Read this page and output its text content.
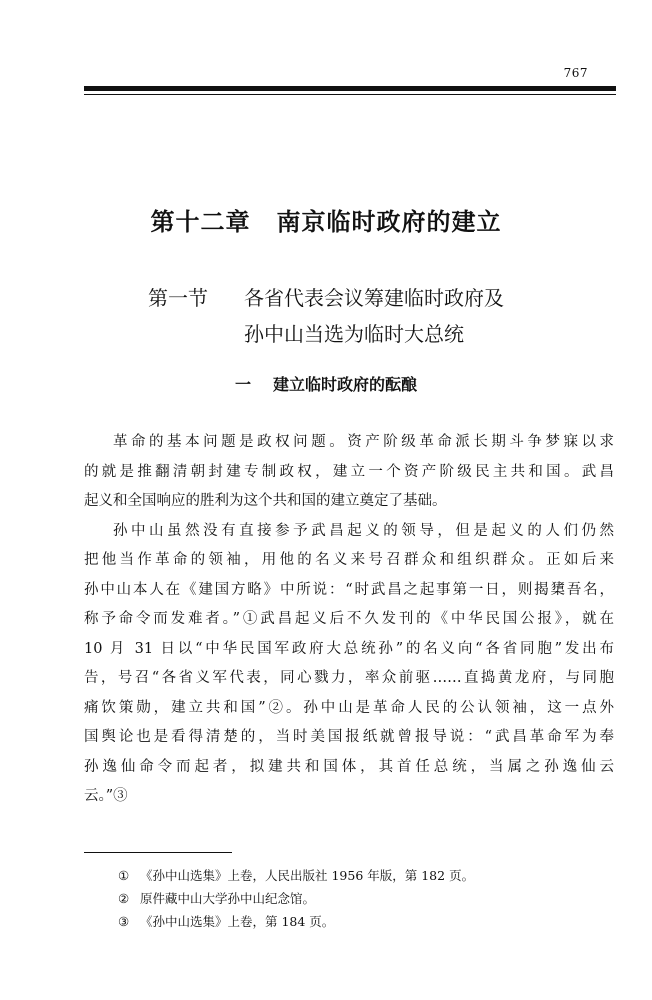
767
第十二章 南京临时政府的建立
第一节 各省代表会议筹建临时政府及
孙中山当选为临时大总统
一 建立临时政府的酝酿
革命的基本问题是政权问题。资产阶级革命派长期斗争梦寐以求
的就是推翻清朝封建专制政权，建立一个资产阶级民主共和国。武昌
起义和全国响应的胜利为这个共和国的建立奠定了基础。
孙中山虽然没有直接参予武昌起义的领导，但是起义的人们仍然
把他当作革命的领袖，用他的名义来号召群众和组织群众。正如后来
孙中山本人在《建国方略》中所说：“时武昌之起事第一日，则揭橥吾名，
称予命令而发难者。”①武昌起义后不久发刊的《中华民国公报》，就在
10 月 31 日以“中华民国军政府大总统孙”的名义向“各省同胞”发出布
告，号召“各省义军代表，同心戮力，率众前驱……直捣黄龙府，与同胞
痛饮策勋，建立共和国”②。孙中山是革命人民的公认领袖，这一点外
国舆论也是看得清楚的，当时美国报纸就曾报导说：“武昌革命军为奉
孙逸仙命令而起者，拟建共和国体，其首任总统，当属之孙逸仙云
云。”③
① 《孙中山选集》上卷，人民出版社 1956 年版，第 182 页。
② 原件藏中山大学孙中山纪念馆。
③ 《孙中山选集》上卷，第 184 页。
